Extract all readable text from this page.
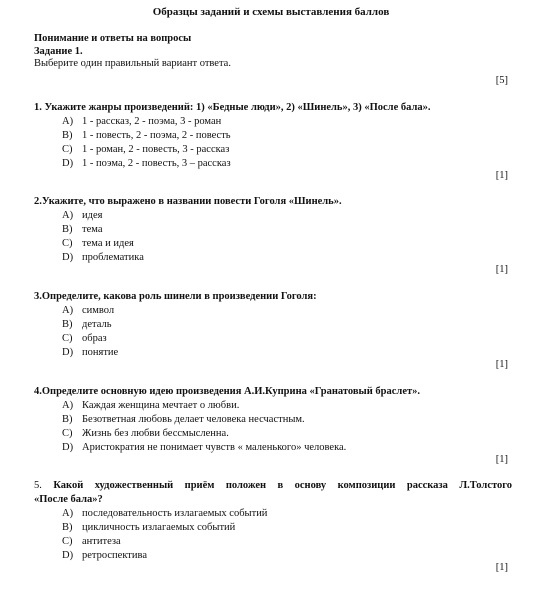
Образцы заданий и схемы выставления баллов
Понимание и ответы на вопросы
Задание 1.
Выберите один правильный вариант ответа.
[5]
1. Укажите жанры произведений: 1) «Бедные люди», 2) «Шинель», 3) «После бала».
A) 1 - рассказ, 2 - поэма, 3 - роман
B) 1 - повесть, 2 - поэма, 2 - повесть
C) 1 - роман, 2 - повесть, 3 - рассказ
D) 1 - поэма, 2 - повесть, 3 – рассказ
[1]
2.Укажите, что выражено в названии повести Гоголя «Шинель».
A) идея
B) тема
C) тема и идея
D) проблематика
[1]
3.Определите, какова роль шинели в произведении Гоголя:
A) символ
B) деталь
C) образ
D) понятие
[1]
4.Определите основную идею произведения А.И.Куприна «Гранатовый браслет».
A) Каждая женщина мечтает о любви.
B) Безответная любовь делает человека несчастным.
C) Жизнь без любви бессмысленна.
D) Аристократия не понимает чувств « маленького» человека.
[1]
5. Какой художественный приём положен в основу композиции рассказа Л.Толстого
«После бала»?
A) последовательность излагаемых событий
B) цикличность излагаемых событий
C) антитеза
D) ретроспектива
[1]
